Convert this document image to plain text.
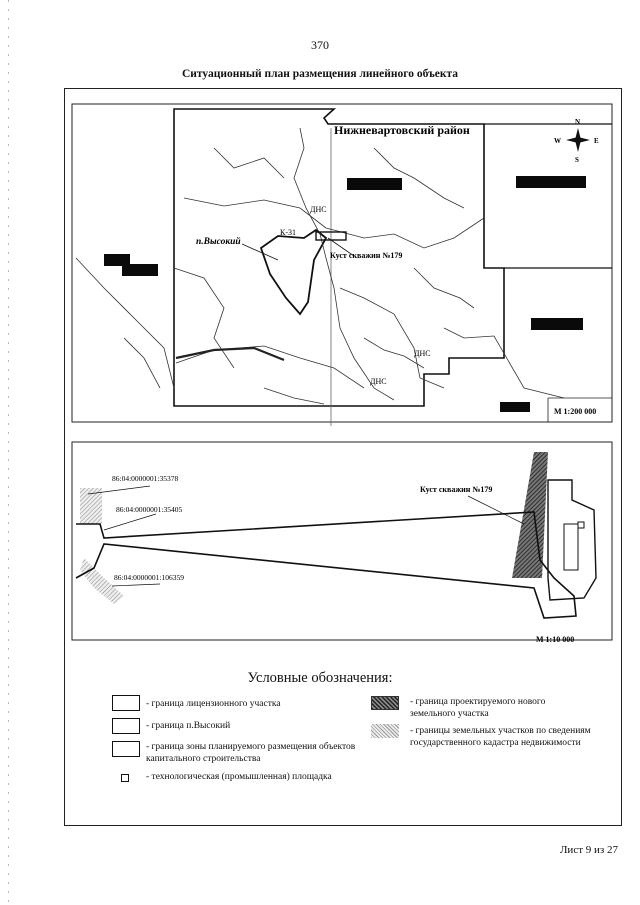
370
Ситуационный план размещения линейного объекта
Нижневартовский район
п.Высокий
К-31
ДНС
ДНС
ДНС
Куст скважин №179
М 1:200 000
N
S
W	E
86:04:0000001:35378
86:04:0000001:35405
86:04:0000001:106359
Куст скважин №179
М 1:10 000
Условные обозначения:
- граница лицензионного участка
- граница п.Высокий
- граница зоны планируемого размещения объектов капитального строительства
- технологическая (промышленная) площадка
- граница проектируемого нового земельного участка
- границы земельных участков по сведениям государственного кадастра недвижимости
Лист 9 из 27
